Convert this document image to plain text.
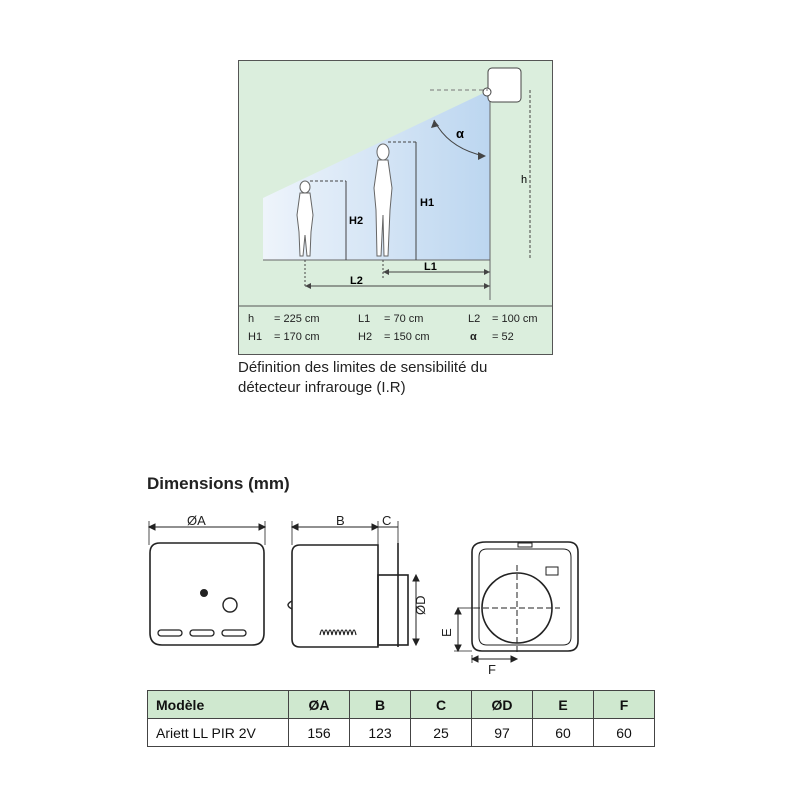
h
α
H1
H2
L1
L2
h = 225 cm	L1 = 70 cm	L2 = 100 cm
H1 = 170 cm	H2 = 150 cm	α = 52
Définition des limites de sensibilité du
détecteur infrarouge (I.R)
Dimensions (mm)
ØA	B	C
ØD
E
F
Modèle	ØA	B	C	ØD	E	F
Ariett LL PIR 2V	156	123	25	97	60	60
